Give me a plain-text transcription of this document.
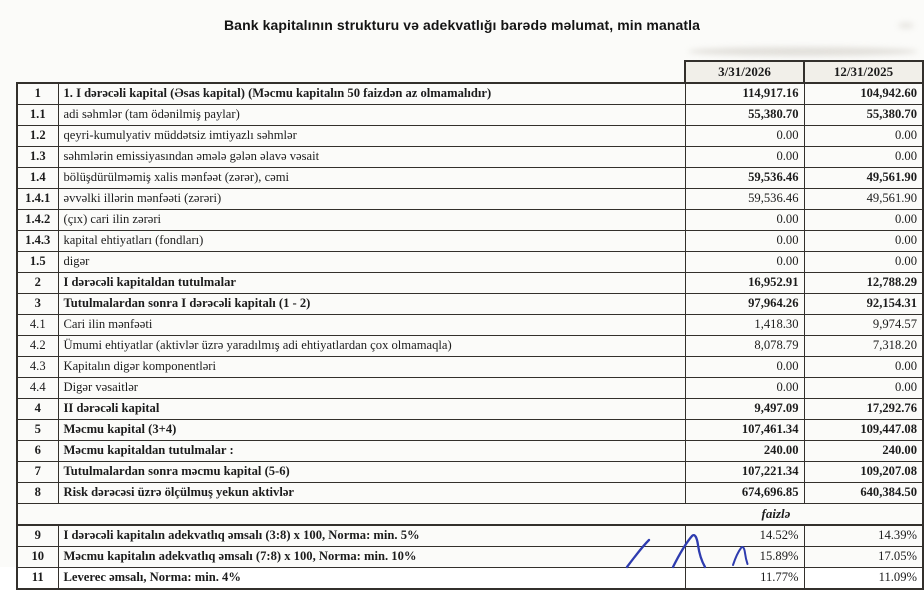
Bank kapitalının strukturu və adekvatlığı barədə məlumat, min manatla
		3/31/2026	12/31/2025
1	1. I dərəcəli kapital (Əsas kapital) (Məcmu kapitalın 50 faizdən az olmamalıdır)	114,917.16	104,942.60
1.1	adi səhmlər (tam ödənilmiş paylar)	55,380.70	55,380.70
1.2	qeyri-kumulyativ müddətsiz imtiyazlı səhmlər	0.00	0.00
1.3	səhmlərin emissiyasından əmələ gələn əlavə vəsait	0.00	0.00
1.4	bölüşdürülməmiş xalis mənfəət (zərər), cəmi	59,536.46	49,561.90
1.4.1	əvvəlki illərin mənfəəti (zərəri)	59,536.46	49,561.90
1.4.2	(çıx) cari ilin zərəri	0.00	0.00
1.4.3	kapital ehtiyatları (fondları)	0.00	0.00
1.5	digər	0.00	0.00
2	I dərəcəli kapitaldan tutulmalar	16,952.91	12,788.29
3	Tutulmalardan sonra I dərəcəli kapitalı (1 - 2)	97,964.26	92,154.31
4.1	Cari ilin mənfəəti	1,418.30	9,974.57
4.2	Ümumi ehtiyatlar (aktivlər üzrə yaradılmış adi ehtiyatlardan çox olmamaqla)	8,078.79	7,318.20
4.3	Kapitalın digər komponentləri	0.00	0.00
4.4	Digər vəsaitlər	0.00	0.00
4	II dərəcəli kapital	9,497.09	17,292.76
5	Məcmu kapital (3+4)	107,461.34	109,447.08
6	Məcmu kapitaldan tutulmalar :	240.00	240.00
7	Tutulmalardan sonra məcmu kapital (5-6)	107,221.34	109,207.08
8	Risk dərəcəsi üzrə ölçülmuş yekun aktivlər	674,696.85	640,384.50
		faizlə	
9	I dərəcəli kapitalın adekvatlıq əmsalı (3:8) x 100, Norma: min. 5%	14.52%	14.39%
10	Məcmu kapitalın adekvatlıq əmsalı (7:8) x 100, Norma: min. 10%	15.89%	17.05%
11	Leverec əmsalı, Norma: min. 4%	11.77%	11.09%
